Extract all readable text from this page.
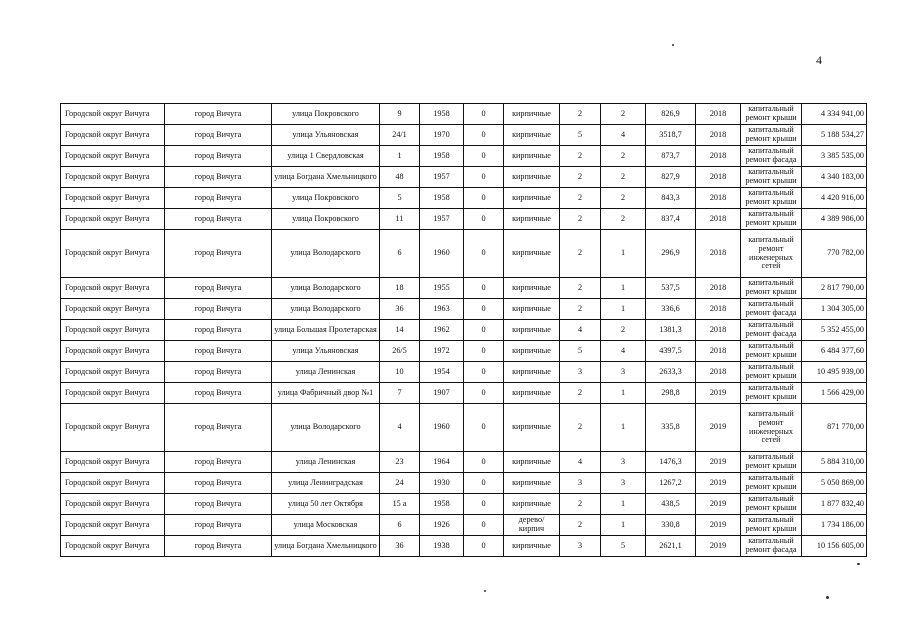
4
Городской округ Вичуга	город Вичуга	улица Покровского	9	1958	0	кирпичные	2	2	826,9	2018	капитальный ремонт крыши	4 334 941,00
Городской округ Вичуга	город Вичуга	улица Ульяновская	24/1	1970	0	кирпичные	5	4	3518,7	2018	капитальный ремонт крыши	5 188 534,27
Городской округ Вичуга	город Вичуга	улица 1 Свердловская	1	1958	0	кирпичные	2	2	873,7	2018	капитальный ремонт фасада	3 385 535,00
Городской округ Вичуга	город Вичуга	улица Богдана Хмельницкого	48	1957	0	кирпичные	2	2	827,9	2018	капитальный ремонт крыши	4 340 183,00
Городской округ Вичуга	город Вичуга	улица Покровского	5	1958	0	кирпичные	2	2	843,3	2018	капитальный ремонт крыши	4 420 916,00
Городской округ Вичуга	город Вичуга	улица Покровского	11	1957	0	кирпичные	2	2	837,4	2018	капитальный ремонт крыши	4 389 986,00
Городской округ Вичуга	город Вичуга	улица Володарского	6	1960	0	кирпичные	2	1	296,9	2018	капитальный ремонт инженерных сетей	770 782,00
Городской округ Вичуга	город Вичуга	улица Володарского	18	1955	0	кирпичные	2	1	537,5	2018	капитальный ремонт крыши	2 817 790,00
Городской округ Вичуга	город Вичуга	улица Володарского	36	1963	0	кирпичные	2	1	336,6	2018	капитальный ремонт фасада	1 304 305,00
Городской округ Вичуга	город Вичуга	улица Большая Пролетарская	14	1962	0	кирпичные	4	2	1381,3	2018	капитальный ремонт фасада	5 352 455,00
Городской округ Вичуга	город Вичуга	улица Ульяновская	26/5	1972	0	кирпичные	5	4	4397,5	2018	капитальный ремонт крыши	6 484 377,60
Городской округ Вичуга	город Вичуга	улица Ленинская	10	1954	0	кирпичные	3	3	2633,3	2018	капитальный ремонт крыши	10 495 939,00
Городской округ Вичуга	город Вичуга	улица Фабричный двор №1	7	1907	0	кирпичные	2	1	298,8	2019	капитальный ремонт крыши	1 566 429,00
Городской округ Вичуга	город Вичуга	улица Володарского	4	1960	0	кирпичные	2	1	335,8	2019	капитальный ремонт инженерных сетей	871 770,00
Городской округ Вичуга	город Вичуга	улица Ленинская	23	1964	0	кирпичные	4	3	1476,3	2019	капитальный ремонт крыши	5 884 310,00
Городской округ Вичуга	город Вичуга	улица Ленинградская	24	1930	0	кирпичные	3	3	1267,2	2019	капитальный ремонт крыши	5 050 869,00
Городской округ Вичуга	город Вичуга	улица 50 лет Октября	15 а	1958	0	кирпичные	2	1	438,5	2019	капитальный ремонт крыши	1 877 832,40
Городской округ Вичуга	город Вичуга	улица Московская	6	1926	0	дерево/кирпич	2	1	330,8	2019	капитальный ремонт крыши	1 734 186,00
Городской округ Вичуга	город Вичуга	улица Богдана Хмельницкого	36	1938	0	кирпичные	3	5	2621,1	2019	капитальный ремонт фасада	10 156 605,00
